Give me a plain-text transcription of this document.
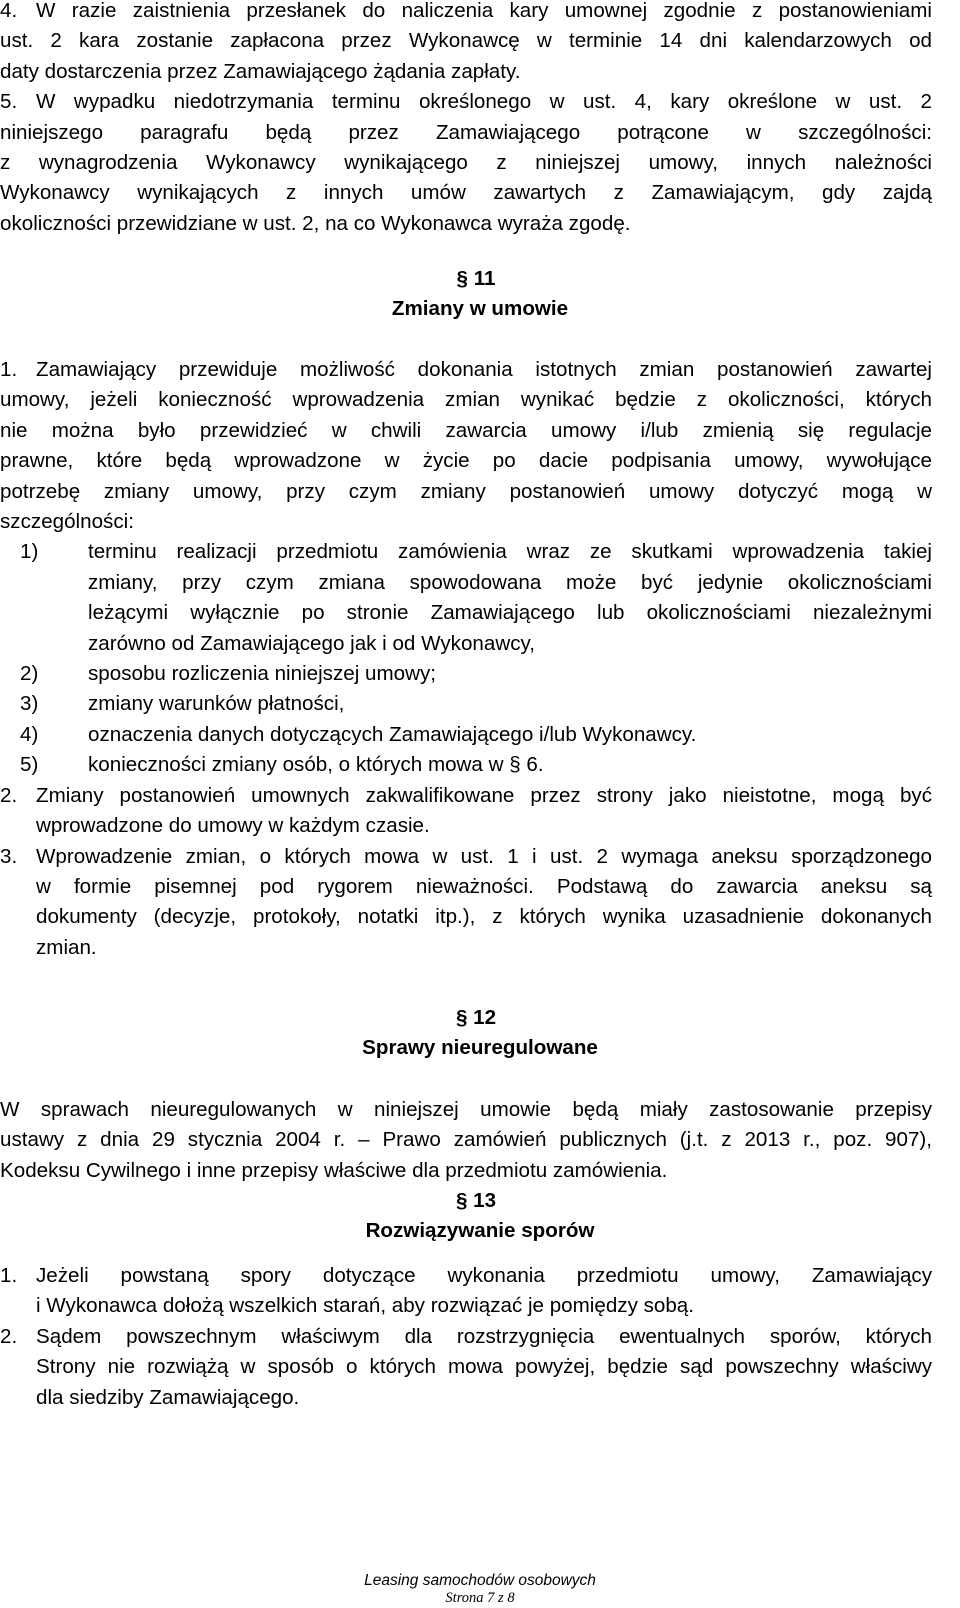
4. W razie zaistnienia przesłanek do naliczenia kary umownej zgodnie z postanowieniami
ust. 2 kara zostanie zapłacona przez Wykonawcę w terminie 14 dni kalendarzowych od
daty dostarczenia przez Zamawiającego żądania zapłaty.
5. W wypadku niedotrzymania terminu określonego w ust. 4, kary określone w ust. 2
niniejszego paragrafu będą przez Zamawiającego potrącone w szczególności:
z wynagrodzenia Wykonawcy wynikającego z niniejszej umowy, innych należności
Wykonawcy wynikających z innych umów zawartych z Zamawiającym, gdy zajdą
okoliczności przewidziane w ust. 2, na co Wykonawca wyraża zgodę.
§ 11
Zmiany w umowie
1. Zamawiający przewiduje możliwość dokonania istotnych zmian postanowień zawartej
umowy, jeżeli konieczność wprowadzenia zmian wynikać będzie z okoliczności, których
nie można było przewidzieć w chwili zawarcia umowy i/lub zmienią się regulacje
prawne, które będą wprowadzone w życie po dacie podpisania umowy, wywołujące
potrzebę zmiany umowy, przy czym zmiany postanowień umowy dotyczyć mogą w
szczególności:
1) terminu realizacji przedmiotu zamówienia wraz ze skutkami wprowadzenia takiej
zmiany, przy czym zmiana spowodowana może być jedynie okolicznościami
leżącymi wyłącznie po stronie Zamawiającego lub okolicznościami niezależnymi
zarówno od Zamawiającego jak i od Wykonawcy,
2) sposobu rozliczenia niniejszej umowy;
3) zmiany warunków płatności,
4) oznaczenia danych dotyczących Zamawiającego i/lub Wykonawcy.
5) konieczności zmiany osób, o których mowa w § 6.
2. Zmiany postanowień umownych zakwalifikowane przez strony jako nieistotne, mogą być
wprowadzone do umowy w każdym czasie.
3. Wprowadzenie zmian, o których mowa w ust. 1 i ust. 2 wymaga aneksu sporządzonego
w formie pisemnej pod rygorem nieważności. Podstawą do zawarcia aneksu są
dokumenty (decyzje, protokoły, notatki itp.), z których wynika uzasadnienie dokonanych
zmian.
§ 12
Sprawy nieuregulowane
W sprawach nieuregulowanych w niniejszej umowie będą miały zastosowanie przepisy
ustawy z dnia 29 stycznia 2004 r. – Prawo zamówień publicznych (j.t. z 2013 r., poz. 907),
Kodeksu Cywilnego i inne przepisy właściwe dla przedmiotu zamówienia.
§ 13
Rozwiązywanie sporów
1. Jeżeli powstaną spory dotyczące wykonania przedmiotu umowy, Zamawiający
i Wykonawca dołożą wszelkich starań, aby rozwiązać je pomiędzy sobą.
2. Sądem powszechnym właściwym dla rozstrzygnięcia ewentualnych sporów, których
Strony nie rozwiążą w sposób o których mowa powyżej, będzie sąd powszechny właściwy
dla siedziby Zamawiającego.
Leasing samochodów osobowych
Strona 7 z 8
